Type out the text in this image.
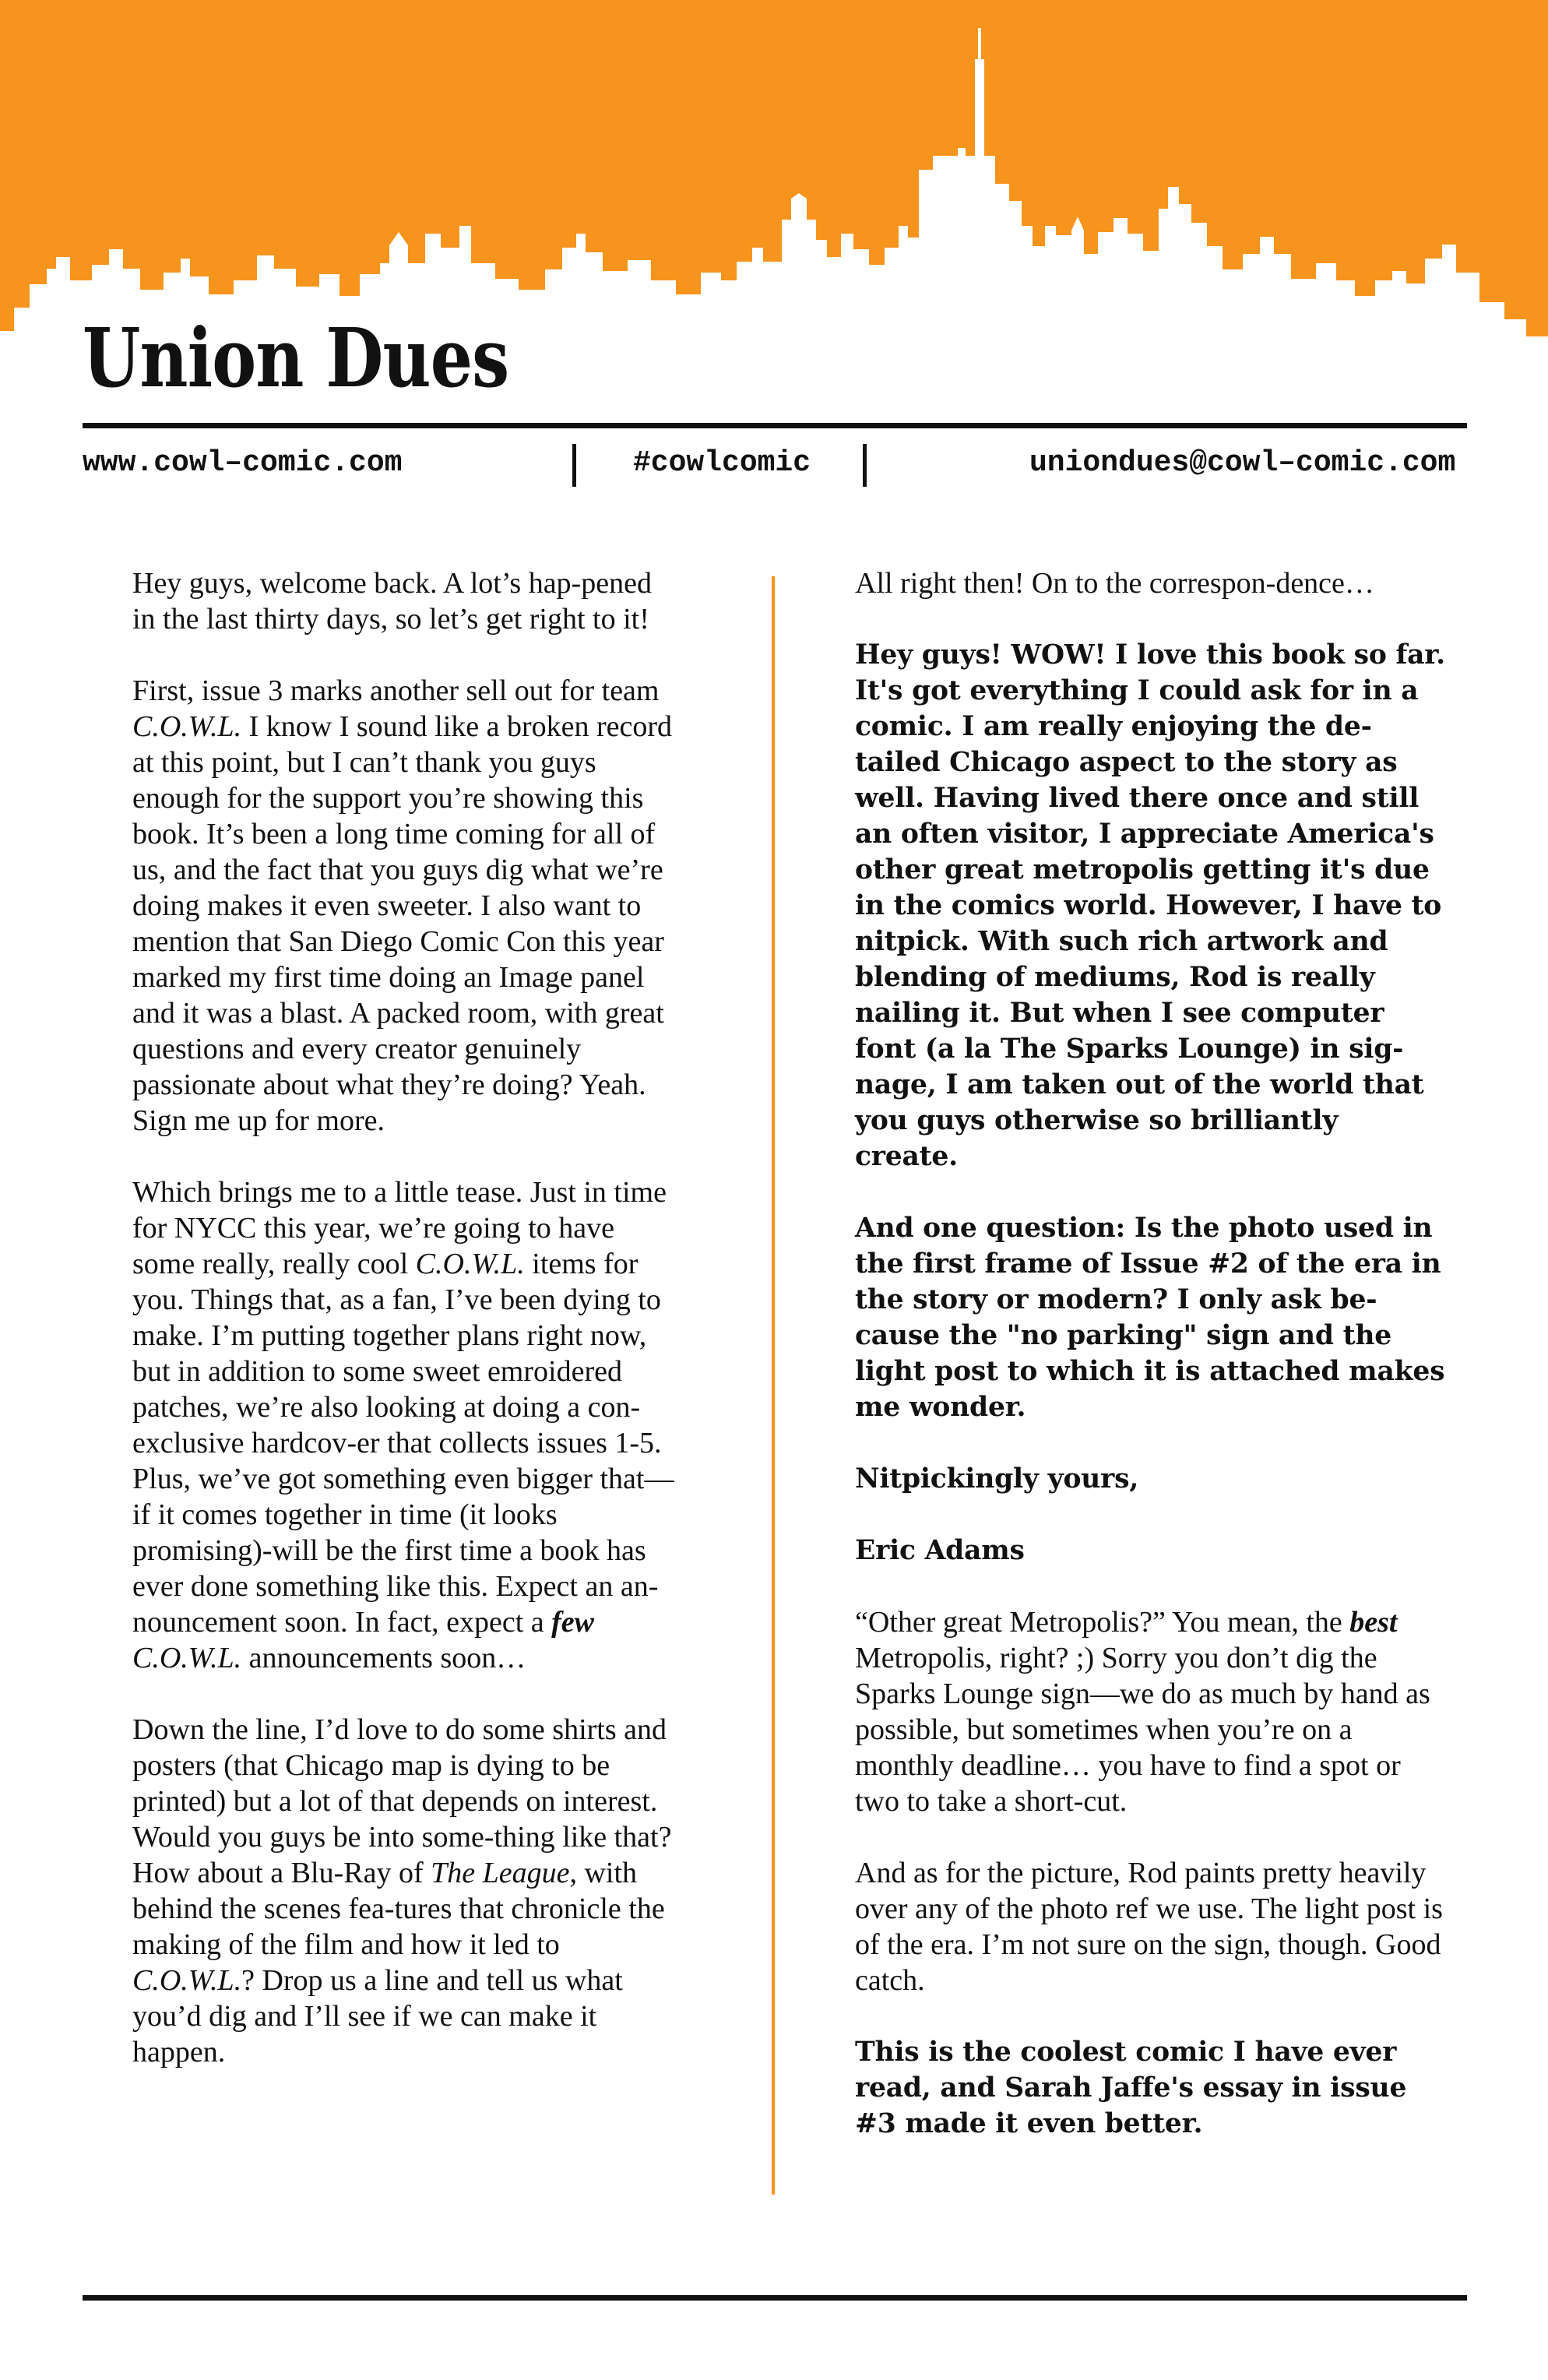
Union Dues
www.cowl–comic.com	#cowlcomic	uniondues@cowl–comic.com

Hey guys, welcome back. A lot’s hap-pened in the last thirty days, so let’s get right to it!

First, issue 3 marks another sell out for team C.O.W.L. I know I sound like a broken record at this point, but I can’t thank you guys enough for the support you’re showing this book. It’s been a long time coming for all of us, and the fact that you guys dig what we’re doing makes it even sweeter. I also want to mention that San Diego Comic Con this year marked my first time doing an Image panel and it was a blast. A packed room, with great questions and every creator genuinely passionate about what they’re doing? Yeah. Sign me up for more.

Which brings me to a little tease. Just in time for NYCC this year, we’re going to have some really, really cool C.O.W.L. items for you. Things that, as a fan, I’ve been dying to make. I’m putting together plans right now, but in addition to some sweet emroidered patches, we’re also looking at doing a con-exclusive hardcov-er that collects issues 1-5. Plus, we’ve got something even bigger that—if it comes together in time (it looks promising)-will be the first time a book has ever done something like this. Expect an an-nouncement soon. In fact, expect a few C.O.W.L. announcements soon…

Down the line, I’d love to do some shirts and posters (that Chicago map is dying to be printed) but a lot of that depends on interest. Would you guys be into some-thing like that? How about a Blu-Ray of The League, with behind the scenes fea-tures that chronicle the making of the film and how it led to C.O.W.L.? Drop us a line and tell us what you’d dig and I’ll see if we can make it happen.

All right then! On to the correspon-dence…

Hey guys! WOW! I love this book so far. It's got everything I could ask for in a comic. I am really enjoying the de-tailed Chicago aspect to the story as well. Having lived there once and still an often visitor, I appreciate America's other great metropolis getting it's due in the comics world. However, I have to nitpick. With such rich artwork and blending of mediums, Rod is really nailing it. But when I see computer font (a la The Sparks Lounge) in sig-nage, I am taken out of the world that you guys otherwise so brilliantly create.

And one question: Is the photo used in the first frame of Issue #2 of the era in the story or modern? I only ask be-cause the "no parking" sign and the light post to which it is attached makes me wonder.

Nitpickingly yours,

Eric Adams

“Other great Metropolis?” You mean, the best Metropolis, right? ;) Sorry you don’t dig the Sparks Lounge sign—we do as much by hand as possible, but sometimes when you’re on a monthly deadline… you have to find a spot or two to take a short-cut.

And as for the picture, Rod paints pretty heavily over any of the photo ref we use. The light post is of the era. I’m not sure on the sign, though. Good catch.

This is the coolest comic I have ever read, and Sarah Jaffe's essay in issue #3 made it even better.
